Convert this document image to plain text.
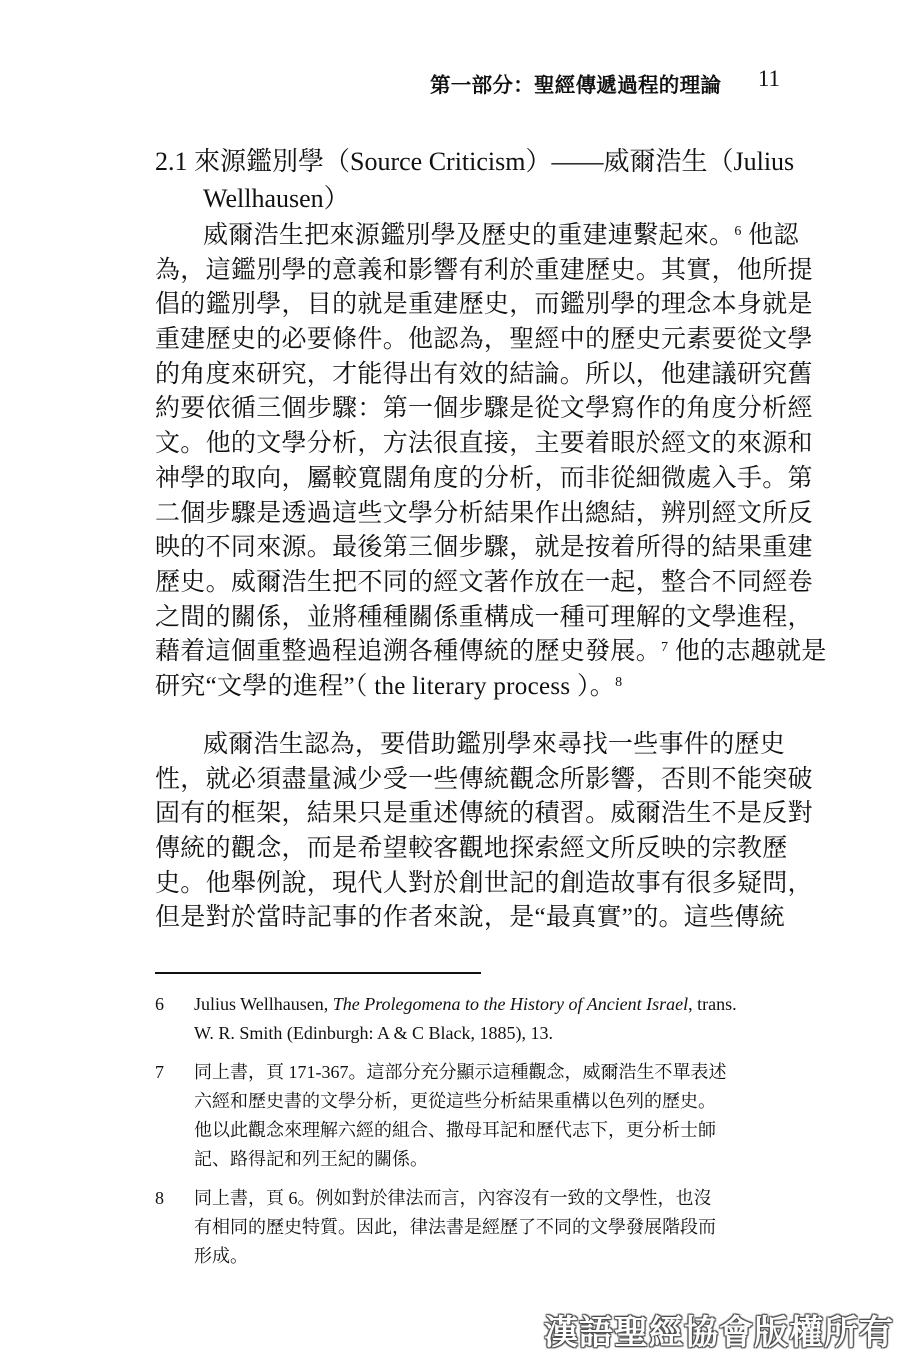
第一部分：聖經傳遞過程的理論 11
2.1 來源鑑別學（Source Criticism）——威爾浩生（Julius
Wellhausen）
威爾浩生把來源鑑別學及歷史的重建連繫起來。$^6$ 他認
為，這鑑別學的意義和影響有利於重建歷史。其實，他所提
倡的鑑別學，目的就是重建歷史，而鑑別學的理念本身就是
重建歷史的必要條件。他認為，聖經中的歷史元素要從文學
的角度來研究，才能得出有效的結論。所以，他建議研究舊
約要依循三個步驟：第一個步驟是從文學寫作的角度分析經
文。他的文學分析，方法很直接，主要着眼於經文的來源和
神學的取向，屬較寬闊角度的分析，而非從細微處入手。第
二個步驟是透過這些文學分析結果作出總結，辨別經文所反
映的不同來源。最後第三個步驟，就是按着所得的結果重建
歷史。威爾浩生把不同的經文著作放在一起，整合不同經卷
之間的關係，並將種種關係重構成一種可理解的文學進程，
藉着這個重整過程追溯各種傳統的歷史發展。$^7$ 他的志趣就是
研究“文學的進程”（ the literary process ）。$^8$
威爾浩生認為，要借助鑑別學來尋找一些事件的歷史
性，就必須盡量減少受一些傳統觀念所影響，否則不能突破
固有的框架，結果只是重述傳統的積習。威爾浩生不是反對
傳統的觀念，而是希望較客觀地探索經文所反映的宗教歷
史。他舉例說，現代人對於創世記的創造故事有很多疑問，
但是對於當時記事的作者來說，是“最真實”的。這些傳統
6 Julius Wellhausen, The Prolegomena to the History of Ancient Israel, trans.
W. R. Smith (Edinburgh: A & C Black, 1885), 13.
7 同上書，頁 171-367。這部分充分顯示這種觀念，威爾浩生不單表述
六經和歷史書的文學分析，更從這些分析結果重構以色列的歷史。
他以此觀念來理解六經的組合、撒母耳記和歷代志下，更分析士師
記、路得記和列王紀的關係。
8 同上書，頁 6。例如對於律法而言，內容沒有一致的文學性，也沒
有相同的歷史特質。因此，律法書是經歷了不同的文學發展階段而
形成。
漢語聖經協會版權所有
